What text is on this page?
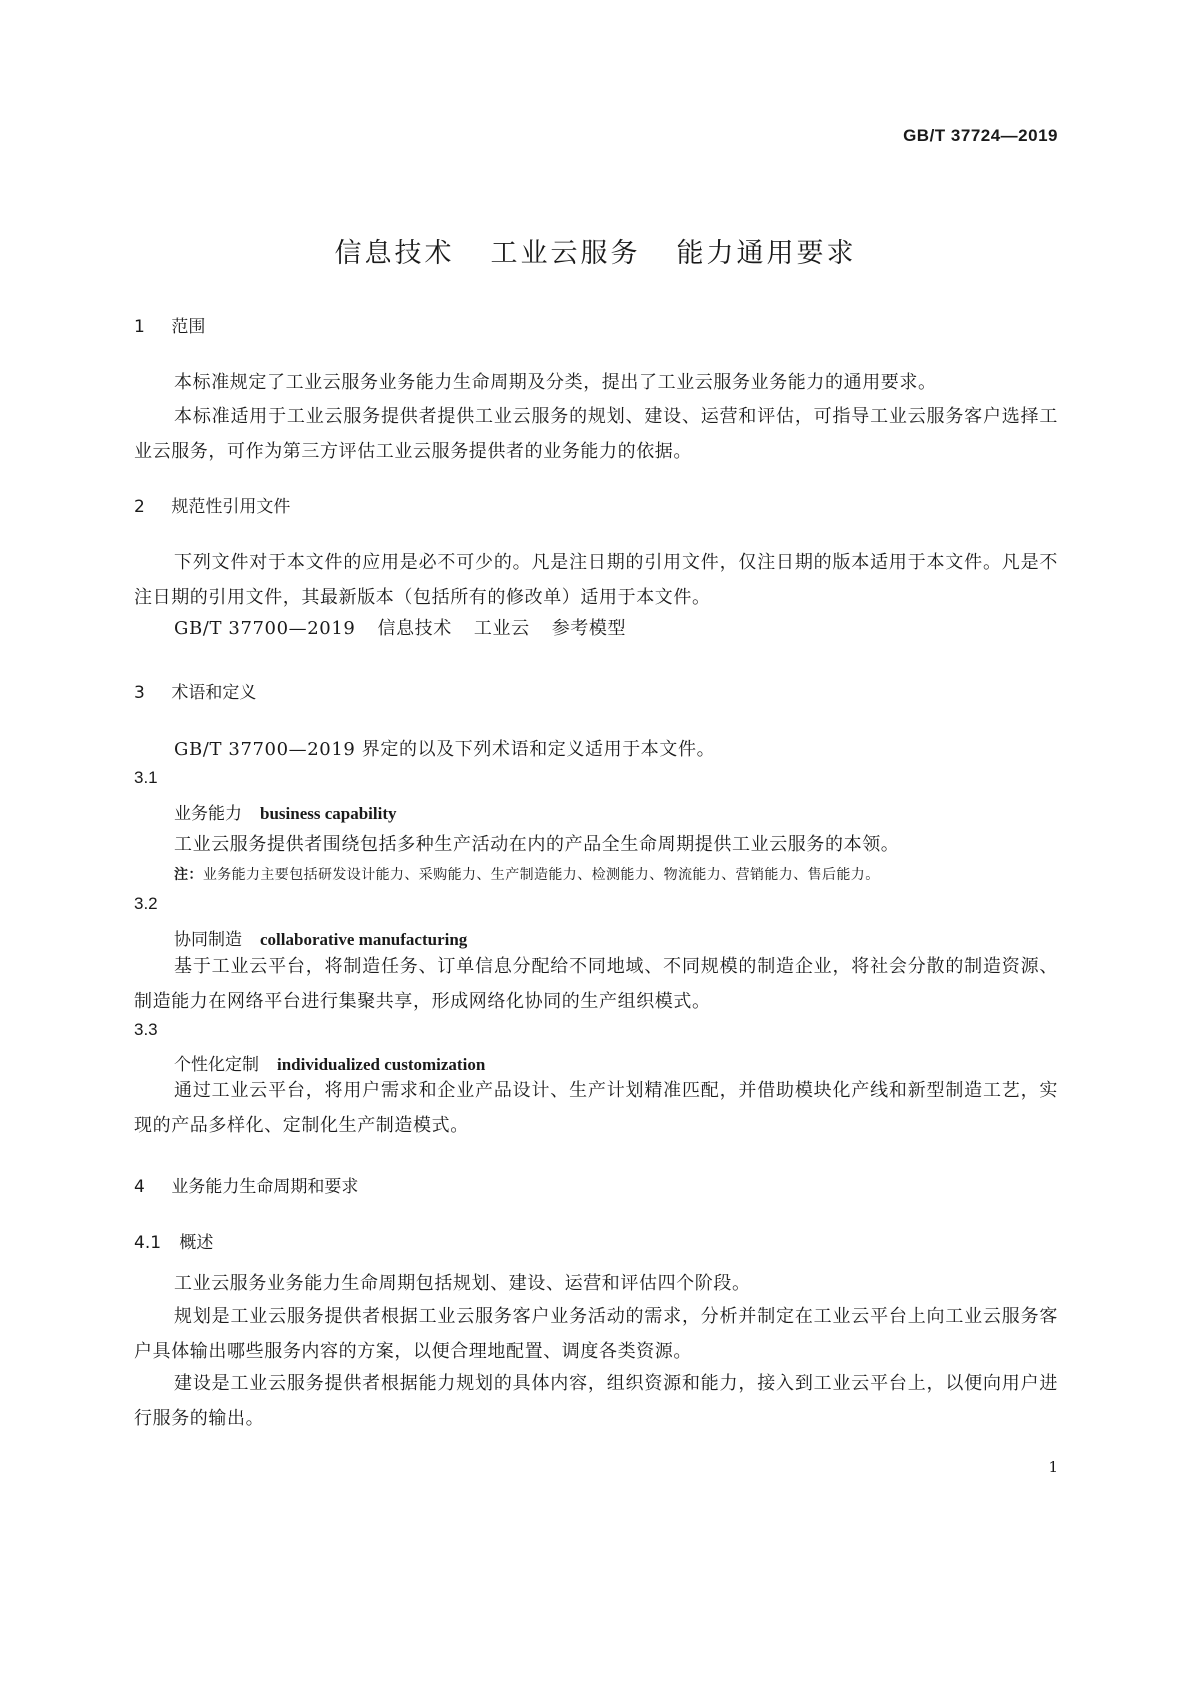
GB/T 37724—2019
信息技术 工业云服务 能力通用要求
1 范围
本标准规定了工业云服务业务能力生命周期及分类，提出了工业云服务业务能力的通用要求。
本标准适用于工业云服务提供者提供工业云服务的规划、建设、运营和评估，可指导工业云服务客户选择工业云服务，可作为第三方评估工业云服务提供者的业务能力的依据。
2 规范性引用文件
下列文件对于本文件的应用是必不可少的。凡是注日期的引用文件，仅注日期的版本适用于本文件。凡是不注日期的引用文件，其最新版本（包括所有的修改单）适用于本文件。
GB/T 37700—2019 信息技术 工业云 参考模型
3 术语和定义
GB/T 37700—2019 界定的以及下列术语和定义适用于本文件。
3.1
业务能力 business capability
工业云服务提供者围绕包括多种生产活动在内的产品全生命周期提供工业云服务的本领。
注：业务能力主要包括研发设计能力、采购能力、生产制造能力、检测能力、物流能力、营销能力、售后能力。
3.2
协同制造 collaborative manufacturing
基于工业云平台，将制造任务、订单信息分配给不同地域、不同规模的制造企业，将社会分散的制造资源、制造能力在网络平台进行集聚共享，形成网络化协同的生产组织模式。
3.3
个性化定制 individualized customization
通过工业云平台，将用户需求和企业产品设计、生产计划精准匹配，并借助模块化产线和新型制造工艺，实现的产品多样化、定制化生产制造模式。
4 业务能力生命周期和要求
4.1 概述
工业云服务业务能力生命周期包括规划、建设、运营和评估四个阶段。
规划是工业云服务提供者根据工业云服务客户业务活动的需求，分析并制定在工业云平台上向工业云服务客户具体输出哪些服务内容的方案，以便合理地配置、调度各类资源。
建设是工业云服务提供者根据能力规划的具体内容，组织资源和能力，接入到工业云平台上，以便向用户进行服务的输出。
1
